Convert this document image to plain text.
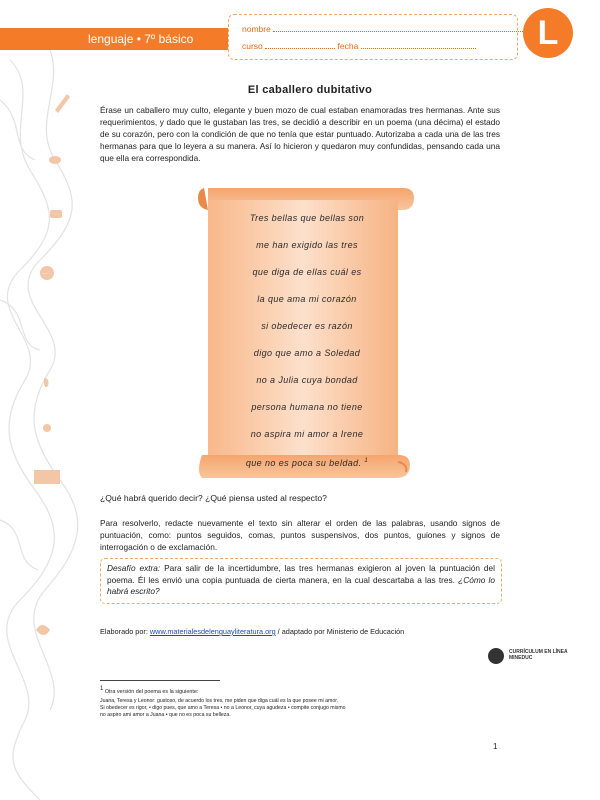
···
lenguaje • 7º básico
nombre
curso	fecha	L
El caballero dubitativo

Érase un caballero muy culto, elegante y buen mozo de cual estaban enamoradas tres hermanas. Ante sus requerimientos, y dado que le gustaban las tres, se decidió a describir en un poema (una décima) el estado de su corazón, pero con la condición de que no tenía que estar puntuado. Autorizaba a cada una de las tres hermanas para que lo leyera a su manera. Así lo hicieron y quedaron muy confundidas, pensando cada una que ella era correspondida.

Tres bellas que bellas son
me han exigido las tres
que diga de ellas cuál es
la que ama mi corazón
si obedecer es razón
digo que amo a Soledad
no a Julia cuya bondad
persona humana no tiene
no aspira mi amor a Irene
que no es poca su beldad. $^1$

¿Qué habrá querido decir? ¿Qué piensa usted al respecto?

Para resolverlo, redacte nuevamente el texto sin alterar el orden de las palabras, usando signos de puntuación, como: puntos seguidos, comas, puntos suspensivos, dos puntos, guiones y signos de interrogación o de exclamación.

Desafío extra: Para salir de la incertidumbre, las tres hermanas exigieron al joven la puntuación del poema. Él les envió una copia puntuada de cierta manera, en la cual descartaba a las tres. ¿Cómo lo habrá escrito?
Elaborado por: www.materialesdelenguayliteratura.org / adaptado por Ministerio de Educación
CURRÍCULUM EN LÍNEA
MINEDUC
$^1$ Otra versión del poema es la siguiente:
Juana, Teresa y Leonor: gustoso, de acuerdo los tres, me piden que diga cuál es la que posee mi amor.
Si obedecer es rigor, • digo pues, que amo a Teresa • no a Leonor, cuya agudeza • compite conjugo mismo
no aspiro ami amor a Juana • que no es poca su belleza.
1
